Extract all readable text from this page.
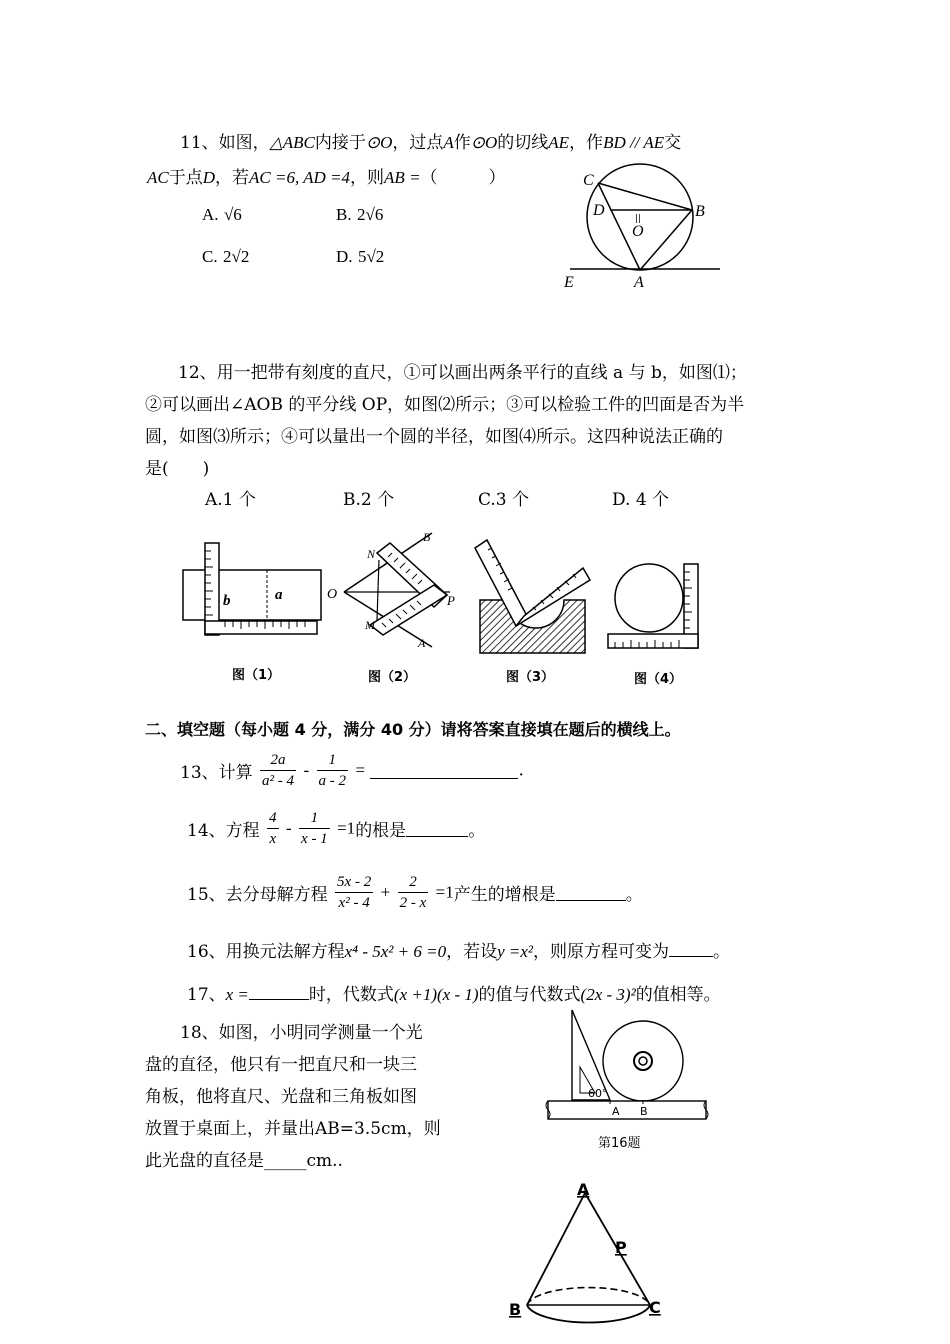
11、如图，△ABC内接于⊙O，过点A作⊙O的切线AE，作BD // AE交
AC于点D，若AC =6, AD =4，则AB =（　　　）
A. √6	B. 2√6
C. 2√2	D. 5√2
C
D	B
||
O
E	A
12、用一把带有刻度的直尺，①可以画出两条平行的直线 a 与 b，如图⑴；
②可以画出∠AOB 的平分线 OP，如图⑵所示；③可以检验工件的凹面是否为半
圆，如图⑶所示；④可以量出一个圆的半径，如图⑷所示。这四种说法正确的
是(　　)
A.1 个	B.2 个	C.3 个	D. 4 个
b	a	O	P
N
M
B
A
图（1）	图（2）	图（3）	图（4）
二、填空题（每小题 4 分，满分 40 分）请将答案直接填在题后的横线上。
13、计算 $\frac{2a}{\text{a² - 4}} - \frac{1}{a - 2}$ =	.
14、方程 $\frac{4}{x} - \frac{1}{x - 1} =1$的根是	。
15、去分母解方程 $\frac{5x - 2}{\text{x² - 4}} + \frac{2}{2 - x} =1$产生的增根是	。
16、用换元法解方程x⁴ - 5x² + 6 =0，若设y =x²，则原方程可变为	。
17、x =	时，代数式(x +1)(x - 1)的值与代数式(2x - 3)²的值相等。
18、如图，小明同学测量一个光
盘的直径，他只有一把直尺和一块三
角板，他将直尺、光盘和三角板如图
放置于桌面上，并量出AB=3.5cm，则
此光盘的直径是_____cm..
60°
A B
第16题
A
P
B	C
